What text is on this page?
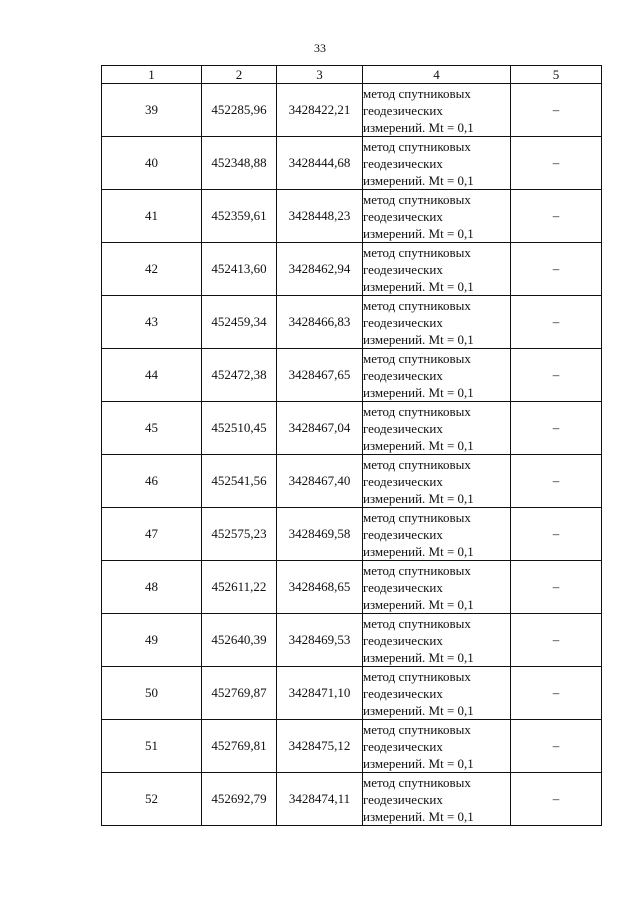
33
1	2	3	4	5
39	452285,96	3428422,21	метод спутниковых
геодезических
измерений. Mt = 0,1	–
40	452348,88	3428444,68	метод спутниковых
геодезических
измерений. Mt = 0,1	–
41	452359,61	3428448,23	метод спутниковых
геодезических
измерений. Mt = 0,1	–
42	452413,60	3428462,94	метод спутниковых
геодезических
измерений. Mt = 0,1	–
43	452459,34	3428466,83	метод спутниковых
геодезических
измерений. Mt = 0,1	–
44	452472,38	3428467,65	метод спутниковых
геодезических
измерений. Mt = 0,1	–
45	452510,45	3428467,04	метод спутниковых
геодезических
измерений. Mt = 0,1	–
46	452541,56	3428467,40	метод спутниковых
геодезических
измерений. Mt = 0,1	–
47	452575,23	3428469,58	метод спутниковых
геодезических
измерений. Mt = 0,1	–
48	452611,22	3428468,65	метод спутниковых
геодезических
измерений. Mt = 0,1	–
49	452640,39	3428469,53	метод спутниковых
геодезических
измерений. Mt = 0,1	–
50	452769,87	3428471,10	метод спутниковых
геодезических
измерений. Mt = 0,1	–
51	452769,81	3428475,12	метод спутниковых
геодезических
измерений. Mt = 0,1	–
52	452692,79	3428474,11	метод спутниковых
геодезических
измерений. Mt = 0,1	–
